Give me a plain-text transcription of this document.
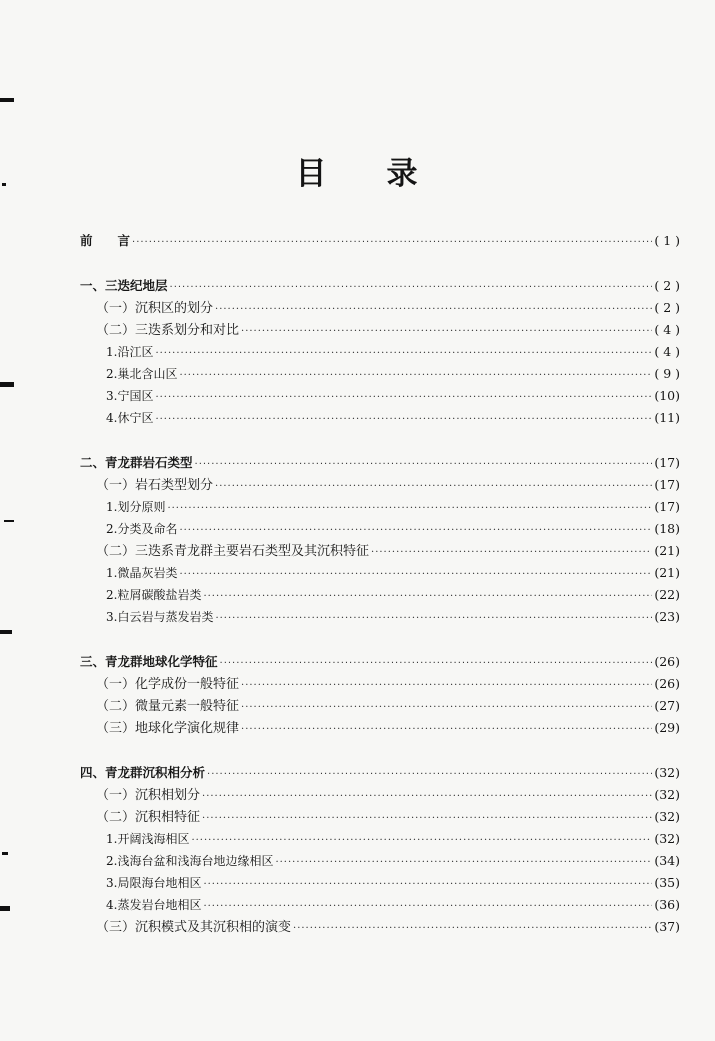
目 录
前　　言 ·····	( 1 )
一、三迭纪地层 ·····	( 2 )
（一）沉积区的划分 ·····	( 2 )
（二）三迭系划分和对比 ·····	( 4 )
1.沿江区 ·····	( 4 )
2.巢北含山区 ·····	( 9 )
3.宁国区 ·····	(10)
4.休宁区 ·····	(11)
二、青龙群岩石类型 ·····	(17)
（一）岩石类型划分 ·····	(17)
1.划分原则 ·····	(17)
2.分类及命名 ·····	(18)
（二）三迭系青龙群主要岩石类型及其沉积特征 ·····	(21)
1.微晶灰岩类 ·····	(21)
2.粒屑碳酸盐岩类 ·····	(22)
3.白云岩与蒸发岩类 ·····	(23)
三、青龙群地球化学特征 ·····	(26)
（一）化学成份一般特征 ·····	(26)
（二）微量元素一般特征 ·····	(27)
（三）地球化学演化规律 ·····	(29)
四、青龙群沉积相分析 ·····	(32)
（一）沉积相划分 ·····	(32)
（二）沉积相特征 ·····	(32)
1.开阔浅海相区 ·····	(32)
2.浅海台盆和浅海台地边缘相区 ·····	(34)
3.局限海台地相区 ·····	(35)
4.蒸发岩台地相区 ·····	(36)
（三）沉积模式及其沉积相的演变 ·····	(37)
